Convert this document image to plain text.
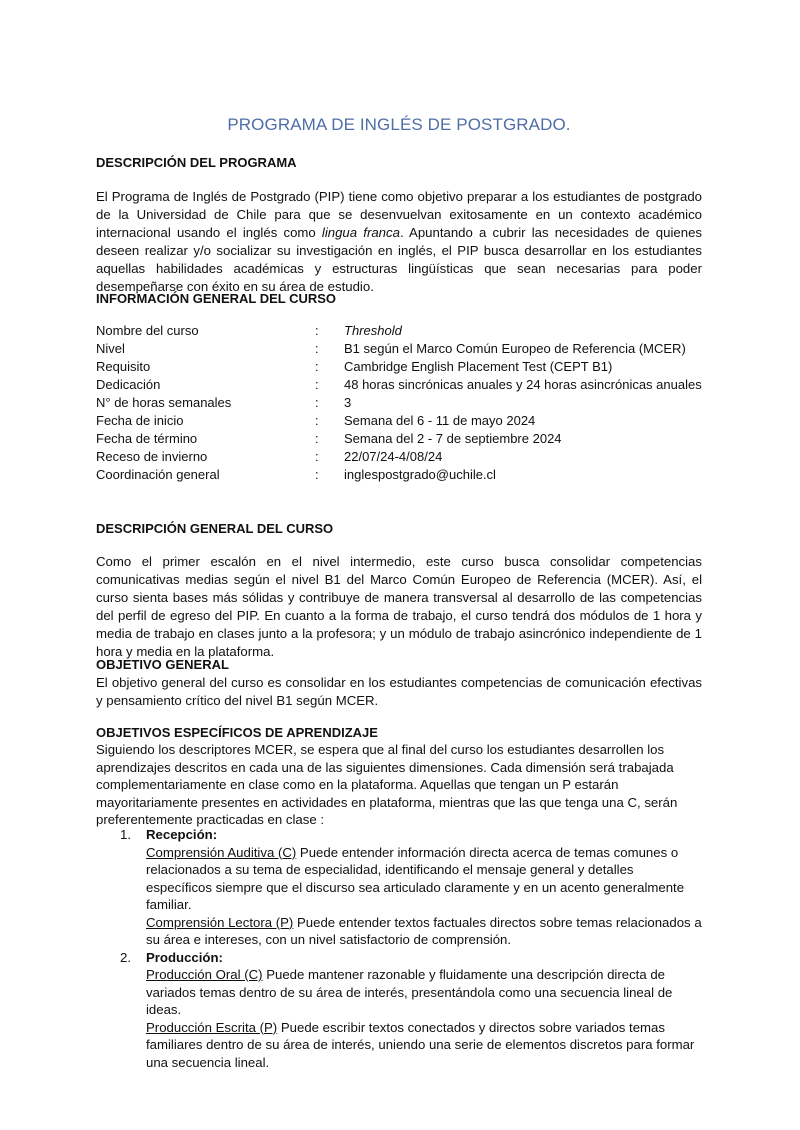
PROGRAMA DE INGLÉS DE POSTGRADO.

DESCRIPCIÓN DEL PROGRAMA

El Programa de Inglés de Postgrado (PIP) tiene como objetivo preparar a los estudiantes de postgrado de la Universidad de Chile para que se desenvuelvan exitosamente en un contexto académico internacional usando el inglés como lingua franca. Apuntando a cubrir las necesidades de quienes deseen realizar y/o socializar su investigación en inglés, el PIP busca desarrollar en los estudiantes aquellas habilidades académicas y estructuras lingüísticas que sean necesarias para poder desempeñarse con éxito en su área de estudio.

INFORMACIÓN GENERAL DEL CURSO

Nombre del curso	:	Threshold
Nivel	:	B1 según el Marco Común Europeo de Referencia (MCER)
Requisito	:	Cambridge English Placement Test (CEPT B1)
Dedicación	:	48 horas sincrónicas anuales y 24 horas asincrónicas anuales
N° de horas semanales	:	3
Fecha de inicio	:	Semana del 6 - 11 de mayo 2024
Fecha de término	:	Semana del 2 - 7 de septiembre 2024
Receso de invierno	:	22/07/24-4/08/24
Coordinación general	:	inglespostgrado@uchile.cl

DESCRIPCIÓN GENERAL DEL CURSO

Como el primer escalón en el nivel intermedio, este curso busca consolidar competencias comunicativas medias según el nivel B1 del Marco Común Europeo de Referencia (MCER). Así, el curso sienta bases más sólidas y contribuye de manera transversal al desarrollo de las competencias del perfil de egreso del PIP. En cuanto a la forma de trabajo, el curso tendrá dos módulos de 1 hora y media de trabajo en clases junto a la profesora; y un módulo de trabajo asincrónico independiente de 1 hora y media en la plataforma.

OBJETIVO GENERAL

El objetivo general del curso es consolidar en los estudiantes competencias de comunicación efectivas y pensamiento crítico del nivel B1 según MCER.

OBJETIVOS ESPECÍFICOS DE APRENDIZAJE

Siguiendo los descriptores MCER, se espera que al final del curso los estudiantes desarrollen los aprendizajes descritos en cada una de las siguientes dimensiones. Cada dimensión será trabajada complementariamente en clase como en la plataforma. Aquellas que tengan un P estarán mayoritariamente presentes en actividades en plataforma, mientras que las que tenga una C, serán preferentemente practicadas en clase :

1. Recepción:
Comprensión Auditiva (C) Puede entender información directa acerca de temas comunes o relacionados a su tema de especialidad, identificando el mensaje general y detalles específicos siempre que el discurso sea articulado claramente y en un acento generalmente familiar.
Comprensión Lectora (P) Puede entender textos factuales directos sobre temas relacionados a su área e intereses, con un nivel satisfactorio de comprensión.
2. Producción:
Producción Oral (C) Puede mantener razonable y fluidamente una descripción directa de variados temas dentro de su área de interés, presentándola como una secuencia lineal de ideas.
Producción Escrita (P) Puede escribir textos conectados y directos sobre variados temas familiares dentro de su área de interés, uniendo una serie de elementos discretos para formar una secuencia lineal.
